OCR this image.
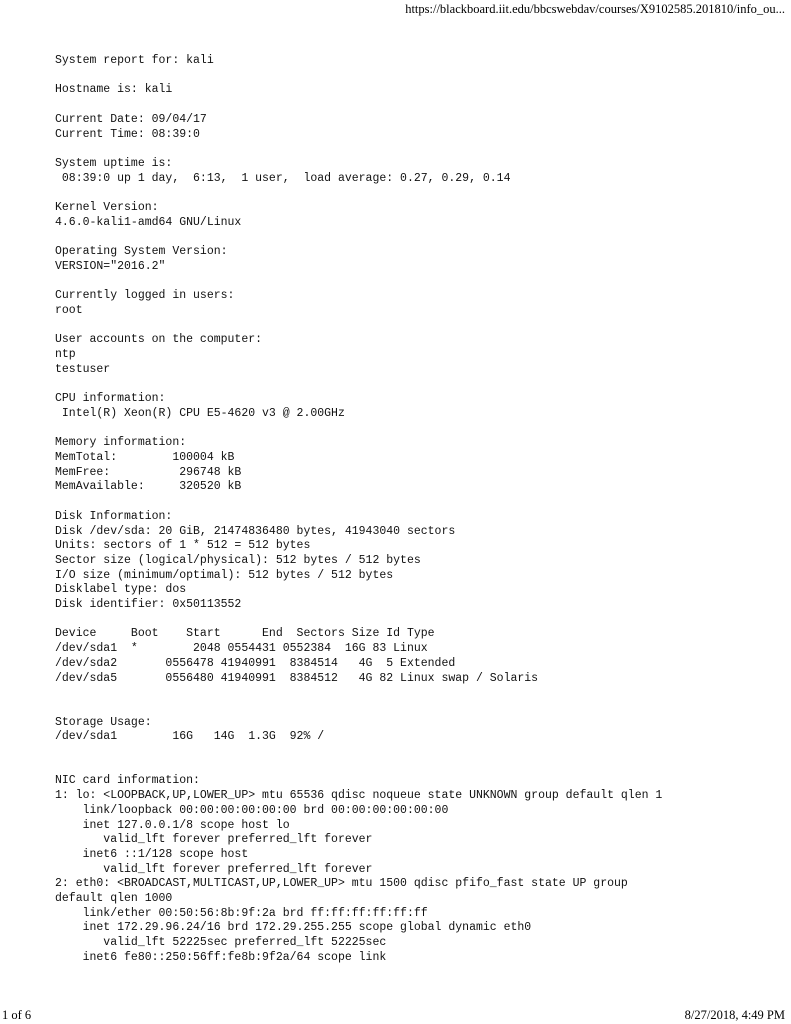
https://blackboard.iit.edu/bbcswebdav/courses/X9102585.201810/info_ou...
System report for: kali

Hostname is: kali

Current Date: 09/04/17
Current Time: 08:39:0

System uptime is:
08:39:0 up 1 day,  6:13,  1 user,  load average: 0.27, 0.29, 0.14

Kernel Version:
4.6.0-kali1-amd64 GNU/Linux

Operating System Version:
VERSION="2016.2"

Currently logged in users:
root

User accounts on the computer:
ntp
testuser

CPU information:
Intel(R) Xeon(R) CPU E5-4620 v3 @ 2.00GHz

Memory information:
MemTotal:        100004 kB
MemFree:          296748 kB
MemAvailable:     320520 kB

Disk Information:
Disk /dev/sda: 20 GiB, 21474836480 bytes, 41943040 sectors
Units: sectors of 1 * 512 = 512 bytes
Sector size (logical/physical): 512 bytes / 512 bytes
I/O size (minimum/optimal): 512 bytes / 512 bytes
Disklabel type: dos
Disk identifier: 0x50113552

Device     Boot    Start      End  Sectors Size Id Type
/dev/sda1  *        2048 0554431 0552384  16G 83 Linux
/dev/sda2       0556478 41940991  8384514   4G  5 Extended
/dev/sda5       0556480 41940991  8384512   4G 82 Linux swap / Solaris

Storage Usage:
/dev/sda1        16G   14G  1.3G  92% /

NIC card information:
1: lo: <LOOPBACK,UP,LOWER_UP> mtu 65536 qdisc noqueue state UNKNOWN group default qlen 1
link/loopback 00:00:00:00:00:00 brd 00:00:00:00:00:00
inet 127.0.0.1/8 scope host lo
valid_lft forever preferred_lft forever
inet6 ::1/128 scope host
valid_lft forever preferred_lft forever
2: eth0: <BROADCAST,MULTICAST,UP,LOWER_UP> mtu 1500 qdisc pfifo_fast state UP group
default qlen 1000
link/ether 00:50:56:8b:9f:2a brd ff:ff:ff:ff:ff:ff
inet 172.29.96.24/16 brd 172.29.255.255 scope global dynamic eth0
valid_lft 52225sec preferred_lft 52225sec
inet6 fe80::250:56ff:fe8b:9f2a/64 scope link
1 of 6	8/27/2018, 4:49 PM
